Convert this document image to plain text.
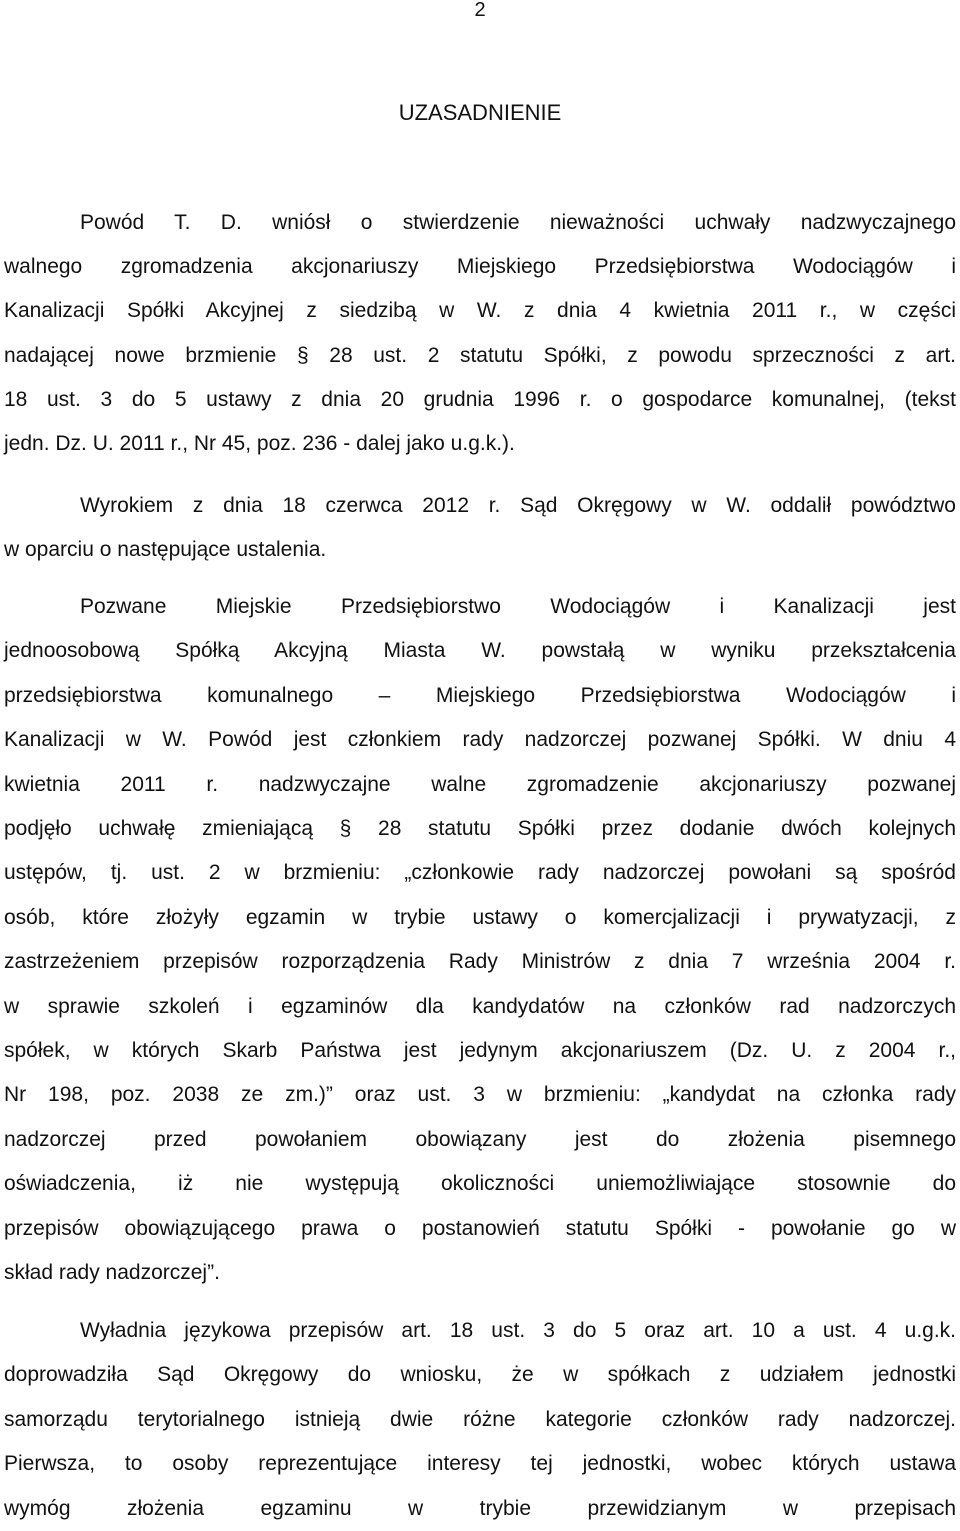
2
UZASADNIENIE
Powód T. D. wniósł o stwierdzenie nieważności uchwały nadzwyczajnego
walnego zgromadzenia akcjonariuszy Miejskiego Przedsiębiorstwa Wodociągów i
Kanalizacji Spółki Akcyjnej z siedzibą w W. z dnia 4 kwietnia 2011 r., w części
nadającej nowe brzmienie § 28 ust. 2 statutu Spółki, z powodu sprzeczności z art.
18 ust. 3 do 5 ustawy z dnia 20 grudnia 1996 r. o gospodarce komunalnej, (tekst
jedn. Dz. U. 2011 r., Nr 45, poz. 236 - dalej jako u.g.k.).
Wyrokiem z dnia 18 czerwca 2012 r. Sąd Okręgowy w W. oddalił powództwo
w oparciu o następujące ustalenia.
Pozwane Miejskie Przedsiębiorstwo Wodociągów i Kanalizacji jest
jednoosobową Spółką Akcyjną Miasta W. powstałą w wyniku przekształcenia
przedsiębiorstwa komunalnego – Miejskiego Przedsiębiorstwa Wodociągów i
Kanalizacji w W. Powód jest członkiem rady nadzorczej pozwanej Spółki. W dniu 4
kwietnia 2011 r. nadzwyczajne walne zgromadzenie akcjonariuszy pozwanej
podjęło uchwałę zmieniającą § 28 statutu Spółki przez dodanie dwóch kolejnych
ustępów, tj. ust. 2 w brzmieniu: „członkowie rady nadzorczej powołani są spośród
osób, które złożyły egzamin w trybie ustawy o komercjalizacji i prywatyzacji, z
zastrzeżeniem przepisów rozporządzenia Rady Ministrów z dnia 7 września 2004 r.
w sprawie szkoleń i egzaminów dla kandydatów na członków rad nadzorczych
spółek, w których Skarb Państwa jest jedynym akcjonariuszem (Dz. U. z 2004 r.,
Nr 198, poz. 2038 ze zm.)” oraz ust. 3 w brzmieniu: „kandydat na członka rady
nadzorczej przed powołaniem obowiązany jest do złożenia pisemnego
oświadczenia, iż nie występują okoliczności uniemożliwiające stosownie do
przepisów obowiązującego prawa o postanowień statutu Spółki - powołanie go w
skład rady nadzorczej”.
Wyładnia językowa przepisów art. 18 ust. 3 do 5 oraz art. 10 a ust. 4 u.g.k.
doprowadziła Sąd Okręgowy do wniosku, że w spółkach z udziałem jednostki
samorządu terytorialnego istnieją dwie różne kategorie członków rady nadzorczej.
Pierwsza, to osoby reprezentujące interesy tej jednostki, wobec których ustawa
wymóg złożenia egzaminu w trybie przewidzianym w przepisach
